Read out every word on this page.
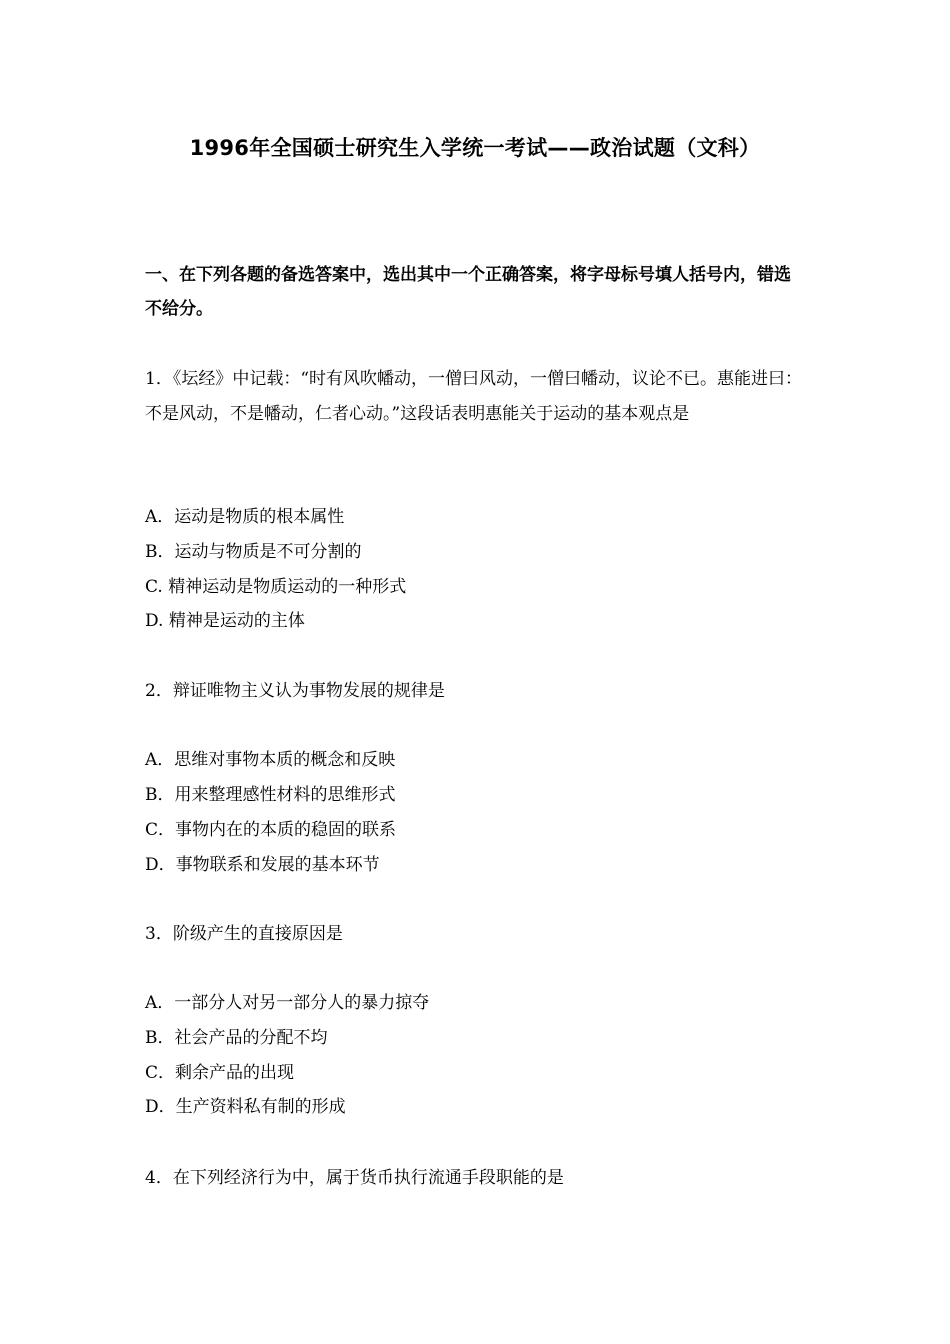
1996年全国硕士研究生入学统一考试——政治试题（文科）
一、在下列各题的备选答案中，选出其中一个正确答案，将字母标号填人括号内，错选不给分。
1．《坛经》中记载：“时有风吹幡动，一僧曰风动，一僧曰幡动，议论不已。惠能进曰：不是风动，不是幡动，仁者心动。”这段话表明惠能关于运动的基本观点是
A．运动是物质的根本属性
B．运动与物质是不可分割的
C. 精神运动是物质运动的一种形式
D. 精神是运动的主体
2．辩证唯物主义认为事物发展的规律是
A．思维对事物本质的概念和反映
B．用来整理感性材料的思维形式
C．事物内在的本质的稳固的联系
D．事物联系和发展的基本环节
3．阶级产生的直接原因是
A．一部分人对另一部分人的暴力掠夺
B．社会产品的分配不均
C．剩余产品的出现
D．生产资料私有制的形成
4．在下列经济行为中，属于货币执行流通手段职能的是
